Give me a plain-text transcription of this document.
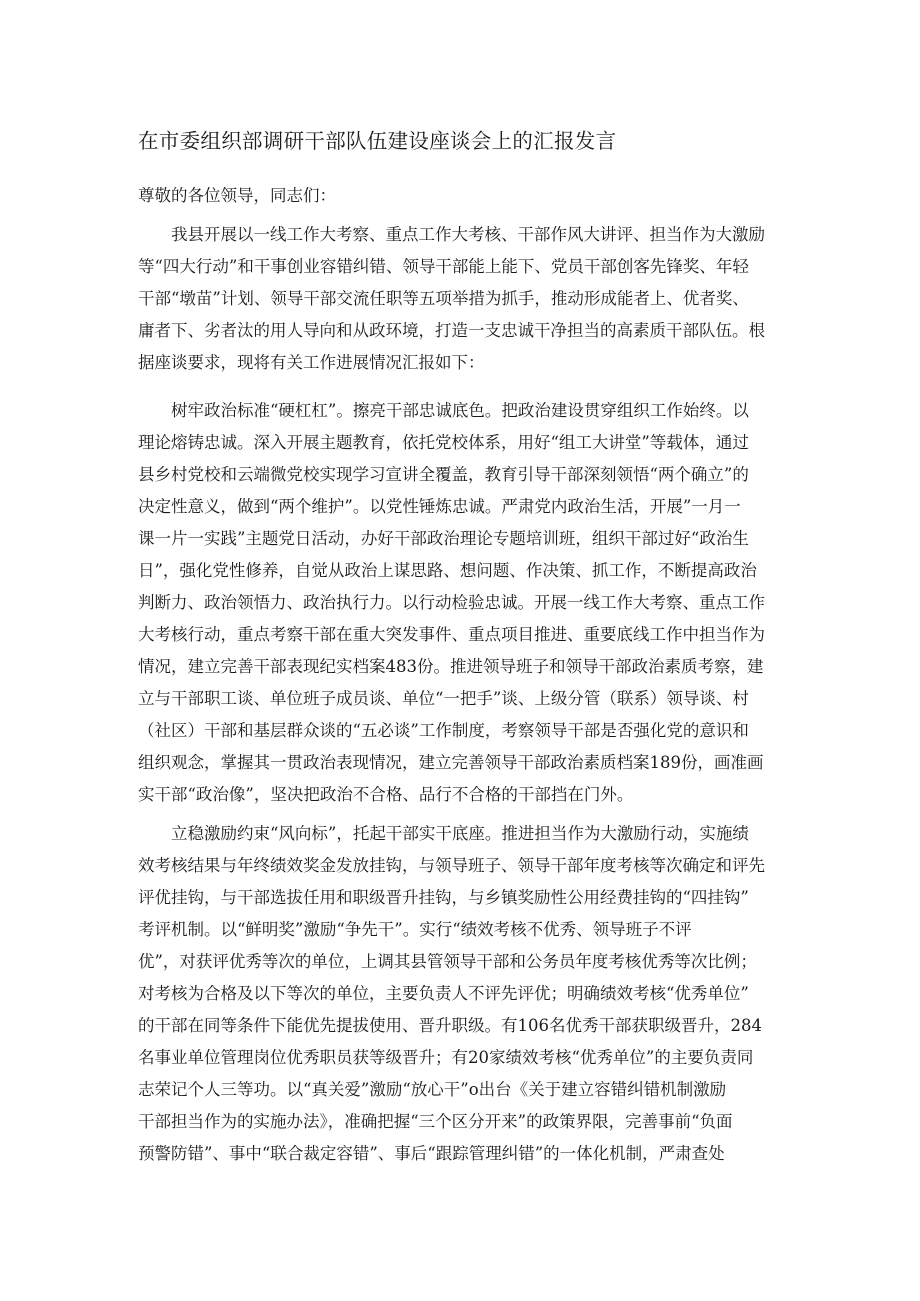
在市委组织部调研干部队伍建设座谈会上的汇报发言

尊敬的各位领导，同志们：

　　我县开展以一线工作大考察、重点工作大考核、干部作风大讲评、担当作为大激励
等“四大行动”和干事创业容错纠错、领导干部能上能下、党员干部创客先锋奖、年轻
干部“墩苗”计划、领导干部交流任职等五项举措为抓手，推动形成能者上、优者奖、
庸者下、劣者汰的用人导向和从政环境，打造一支忠诚干净担当的高素质干部队伍。根
据座谈要求，现将有关工作进展情况汇报如下：
　　树牢政治标准“硬杠杠”。擦亮干部忠诚底色。把政治建设贯穿组织工作始终。以
理论熔铸忠诚。深入开展主题教育，依托党校体系，用好“组工大讲堂”等载体，通过
县乡村党校和云端微党校实现学习宣讲全覆盖，教育引导干部深刻领悟“两个确立”的
决定性意义，做到“两个维护”。以党性锤炼忠诚。严肃党内政治生活，开展”一月一
课一片一实践”主题党日活动，办好干部政治理论专题培训班，组织干部过好“政治生
日”，强化党性修养，自觉从政治上谋思路、想问题、作决策、抓工作，不断提高政治
判断力、政治领悟力、政治执行力。以行动检验忠诚。开展一线工作大考察、重点工作
大考核行动，重点考察干部在重大突发事件、重点项目推进、重要底线工作中担当作为
情况，建立完善干部表现纪实档案483份。推进领导班子和领导干部政治素质考察，建
立与干部职工谈、单位班子成员谈、单位“一把手”谈、上级分管（联系）领导谈、村
（社区）干部和基层群众谈的“五必谈”工作制度，考察领导干部是否强化党的意识和
组织观念，掌握其一贯政治表现情况，建立完善领导干部政治素质档案189份，画准画
实干部“政治像”，坚决把政治不合格、品行不合格的干部挡在门外。
　　立稳激励约束“风向标”，托起干部实干底座。推进担当作为大激励行动，实施绩
效考核结果与年终绩效奖金发放挂钩，与领导班子、领导干部年度考核等次确定和评先
评优挂钩，与干部选拔任用和职级晋升挂钩，与乡镇奖励性公用经费挂钩的“四挂钩”
考评机制。以“鲜明奖”激励“争先干”。实行“绩效考核不优秀、领导班子不评
优”，对获评优秀等次的单位，上调其县管领导干部和公务员年度考核优秀等次比例；
对考核为合格及以下等次的单位，主要负责人不评先评优；明确绩效考核“优秀单位”
的干部在同等条件下能优先提拔使用、晋升职级。有106名优秀干部获职级晋升，284
名事业单位管理岗位优秀职员获等级晋升；有20家绩效考核“优秀单位”的主要负责同
志荣记个人三等功。以“真关爱”激励“放心干”o出台《关于建立容错纠错机制激励
干部担当作为的实施办法》，准确把握“三个区分开来”的政策界限，完善事前“负面
预警防错”、事中“联合裁定容错”、事后“跟踪管理纠错”的一体化机制，严肃查处
